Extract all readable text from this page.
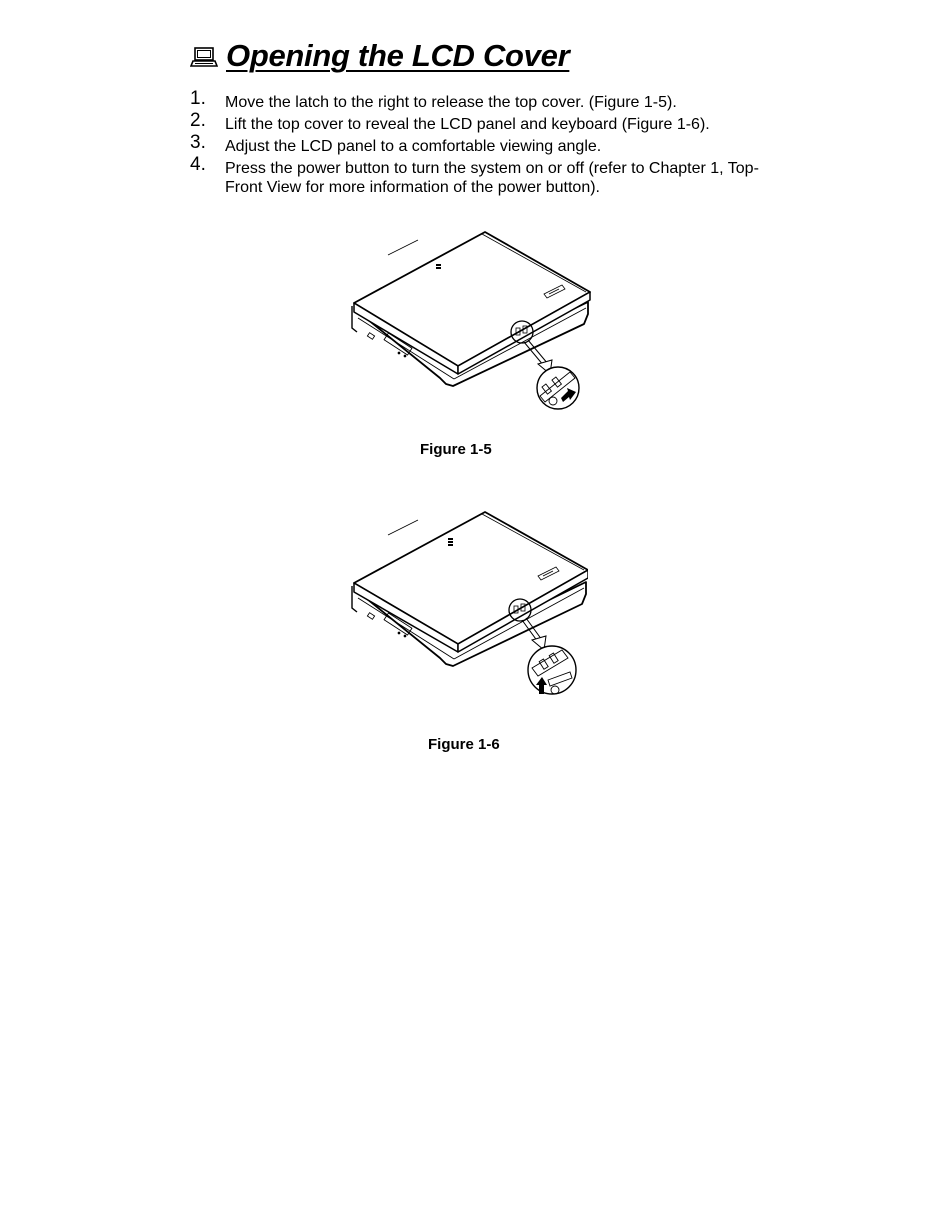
Opening the LCD Cover
1.	Move the latch to the right to release the top cover. (Figure 1-5).
2.	Lift the top cover to reveal the LCD panel and keyboard (Figure 1-6).
3.	Adjust the LCD panel to a comfortable viewing angle.
4.	Press the power button to turn the system on or off (refer to Chapter 1, Top-Front View for more information of the power button).
Figure 1-5
Figure 1-6
